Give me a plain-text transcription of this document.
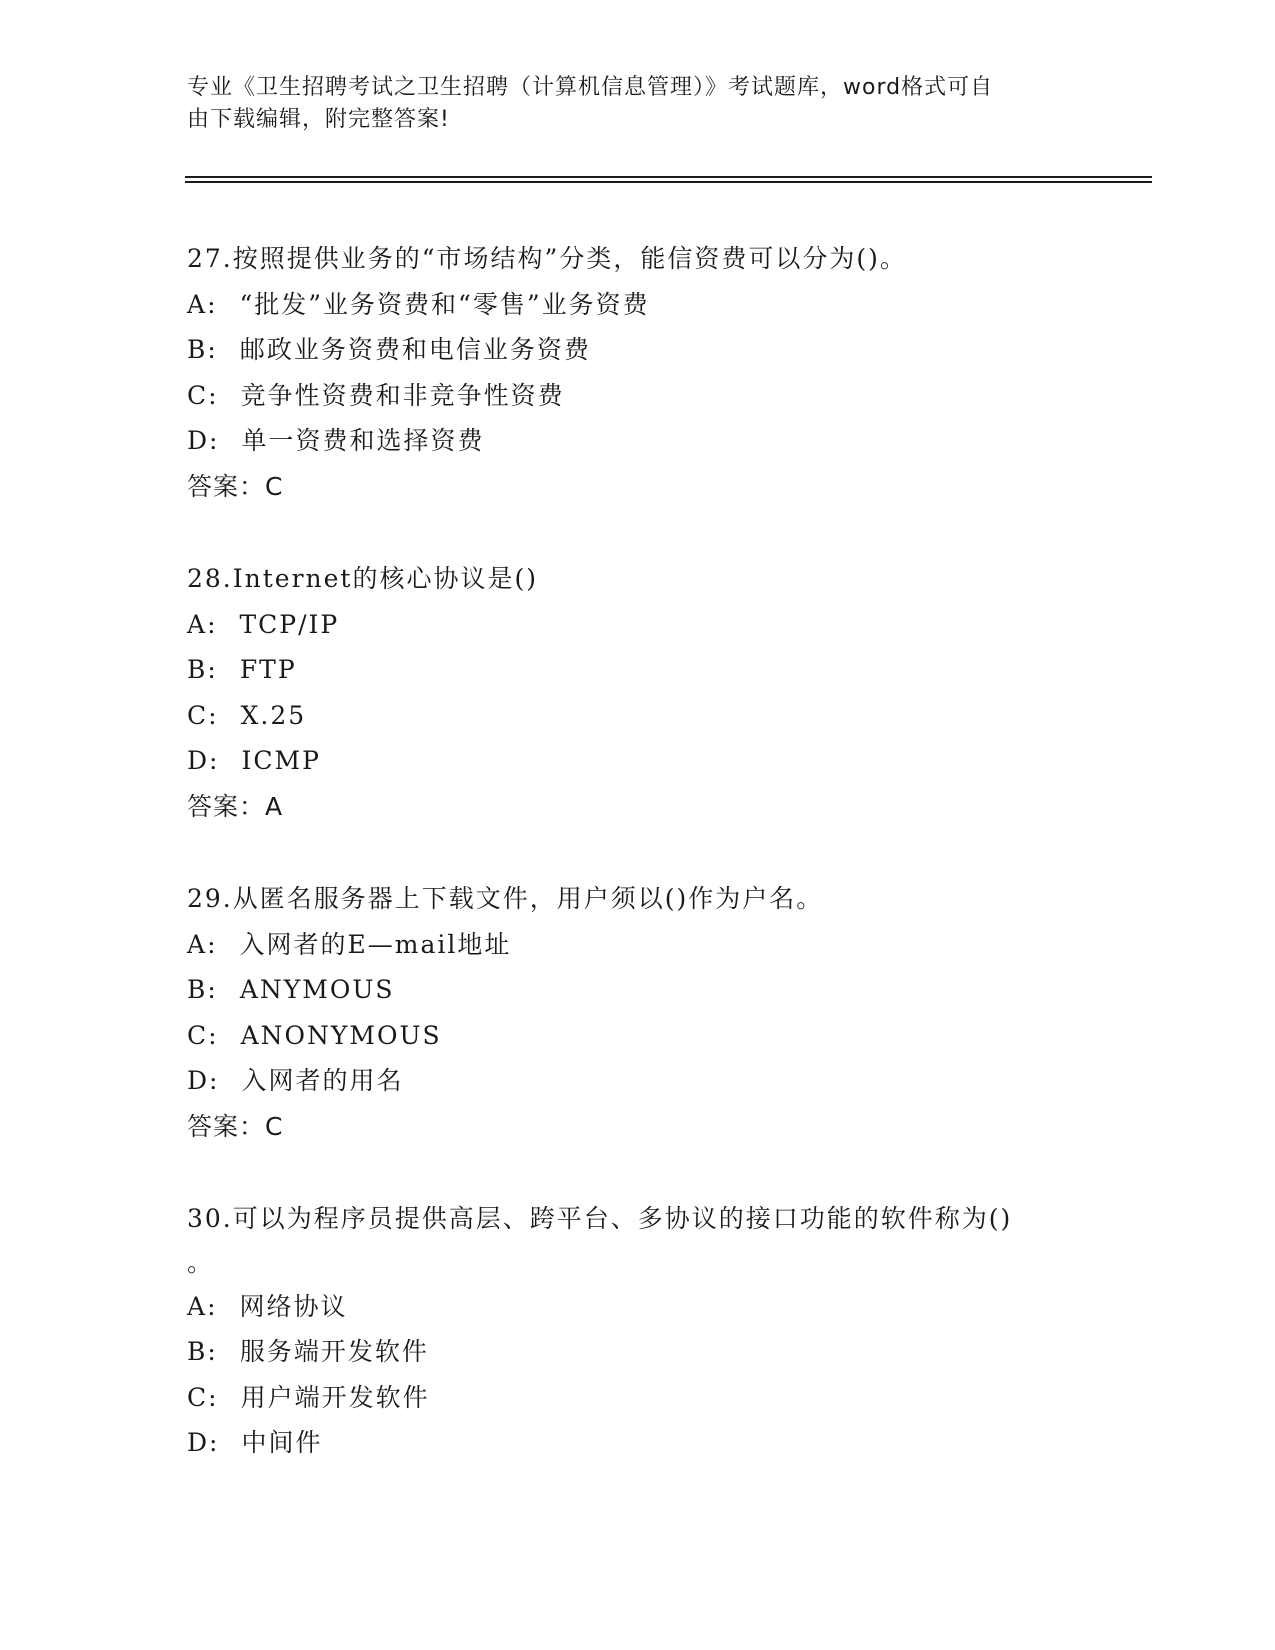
专业《卫生招聘考试之卫生招聘（计算机信息管理）》考试题库，word格式可自
由下载编辑，附完整答案!
27.按照提供业务的“市场结构”分类，能信资费可以分为()。
A: “批发”业务资费和“零售”业务资费
B: 邮政业务资费和电信业务资费
C: 竞争性资费和非竞争性资费
D: 单一资费和选择资费
答案：C
28.Internet的核心协议是()
A: TCP/IP
B: FTP
C: X.25
D: ICMP
答案：A
29.从匿名服务器上下载文件，用户须以()作为户名。
A: 入网者的E—mail地址
B: ANYMOUS
C: ANONYMOUS
D: 入网者的用名
答案：C
30.可以为程序员提供高层、跨平台、多协议的接口功能的软件称为()
。
A: 网络协议
B: 服务端开发软件
C: 用户端开发软件
D: 中间件
